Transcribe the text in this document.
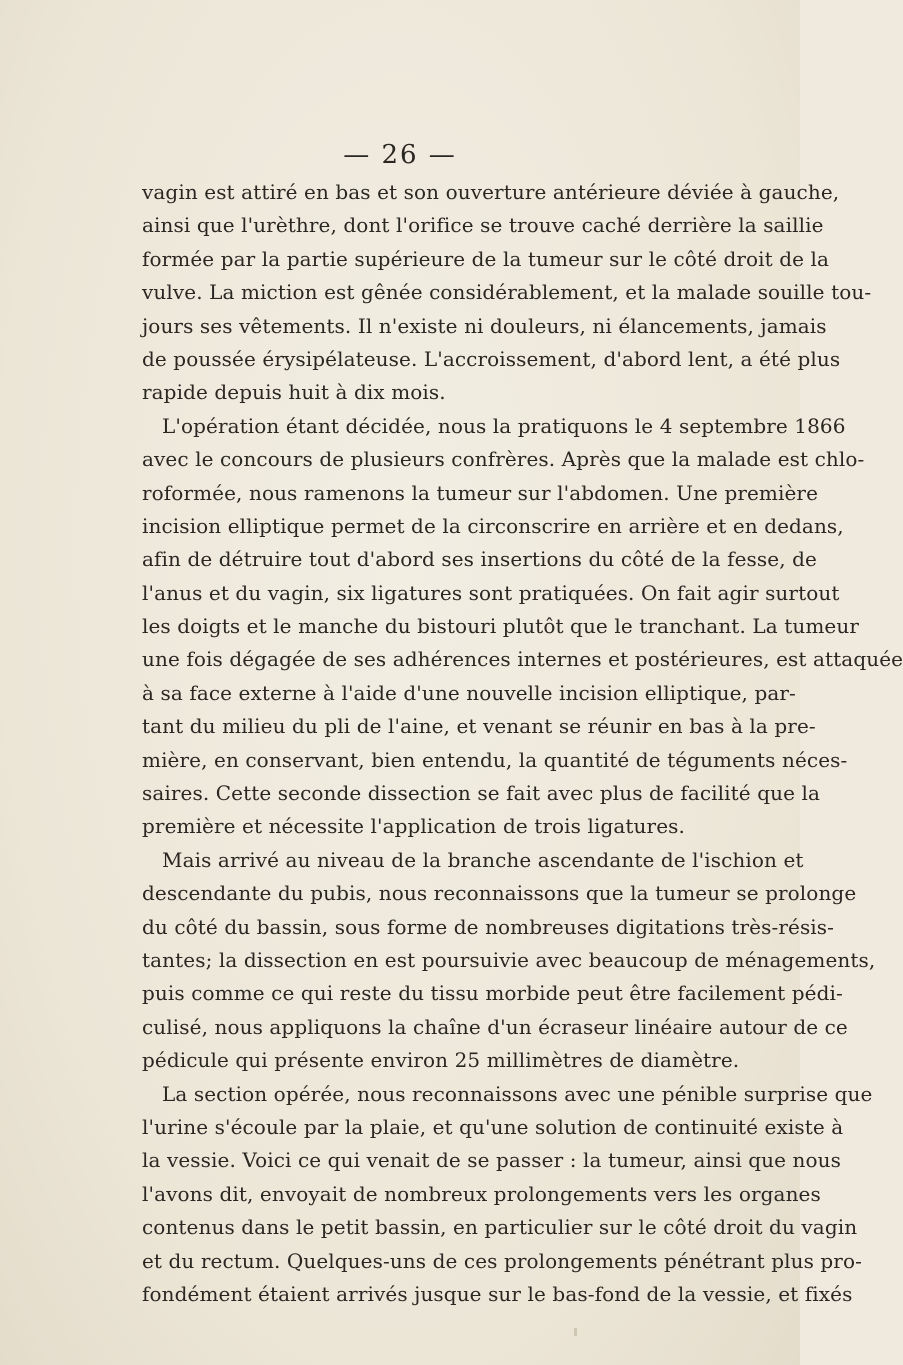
— 26 —
vagin est attiré en bas et son ouverture antérieure déviée à gauche,
ainsi que l'urèthre, dont l'orifice se trouve caché derrière la saillie
formée par la partie supérieure de la tumeur sur le côté droit de la
vulve. La miction est gênée considérablement, et la malade souille tou-
jours ses vêtements. Il n'existe ni douleurs, ni élancements, jamais
de poussée érysipélateuse. L'accroissement, d'abord lent, a été plus
rapide depuis huit à dix mois.
L'opération étant décidée, nous la pratiquons le 4 septembre 1866
avec le concours de plusieurs confrères. Après que la malade est chlo-
roformée, nous ramenons la tumeur sur l'abdomen. Une première
incision elliptique permet de la circonscrire en arrière et en dedans,
afin de détruire tout d'abord ses insertions du côté de la fesse, de
l'anus et du vagin, six ligatures sont pratiquées. On fait agir surtout
les doigts et le manche du bistouri plutôt que le tranchant. La tumeur
une fois dégagée de ses adhérences internes et postérieures, est attaquée
à sa face externe à l'aide d'une nouvelle incision elliptique, par-
tant du milieu du pli de l'aine, et venant se réunir en bas à la pre-
mière, en conservant, bien entendu, la quantité de téguments néces-
saires. Cette seconde dissection se fait avec plus de facilité que la
première et nécessite l'application de trois ligatures.
Mais arrivé au niveau de la branche ascendante de l'ischion et
descendante du pubis, nous reconnaissons que la tumeur se prolonge
du côté du bassin, sous forme de nombreuses digitations très-résis-
tantes; la dissection en est poursuivie avec beaucoup de ménagements,
puis comme ce qui reste du tissu morbide peut être facilement pédi-
culisé, nous appliquons la chaîne d'un écraseur linéaire autour de ce
pédicule qui présente environ 25 millimètres de diamètre.
La section opérée, nous reconnaissons avec une pénible surprise que
l'urine s'écoule par la plaie, et qu'une solution de continuité existe à
la vessie. Voici ce qui venait de se passer : la tumeur, ainsi que nous
l'avons dit, envoyait de nombreux prolongements vers les organes
contenus dans le petit bassin, en particulier sur le côté droit du vagin
et du rectum. Quelques-uns de ces prolongements pénétrant plus pro-
fondément étaient arrivés jusque sur le bas-fond de la vessie, et fixés
